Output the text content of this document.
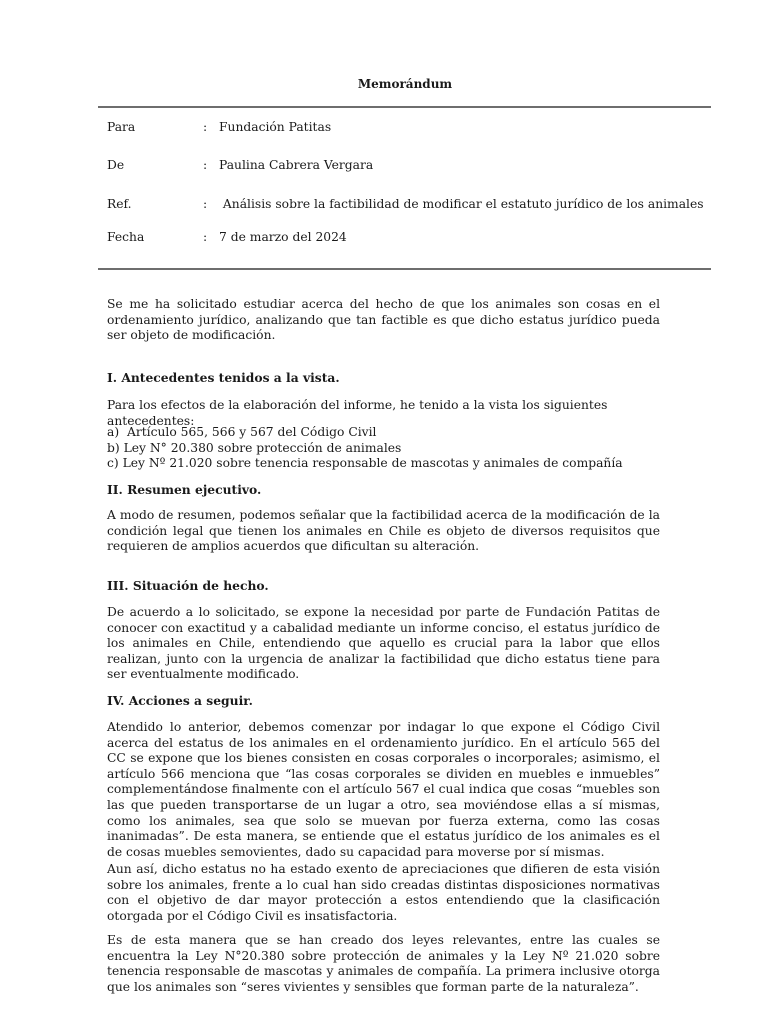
Memorándum
Para	: Fundación Patitas
De	: Paulina Cabrera Vergara
Ref.	: Análisis sobre la factibilidad de modificar el estatuto jurídico de los animales
Fecha	: 7 de marzo del 2024
Se me ha solicitado estudiar acerca del hecho de que los animales son cosas en el ordenamiento jurídico, analizando que tan factible es que dicho estatus jurídico pueda ser objeto de modificación.
I. Antecedentes tenidos a la vista.
Para los efectos de la elaboración del informe, he tenido a la vista los siguientes antecedentes:
a)  Artículo 565, 566 y 567 del Código Civil
b) Ley N° 20.380 sobre protección de animales
c) Ley Nº 21.020 sobre tenencia responsable de mascotas y animales de compañía
II. Resumen ejecutivo.
A modo de resumen, podemos señalar que la factibilidad acerca de la modificación de la condición legal que tienen los animales en Chile es objeto de diversos requisitos que requieren de amplios acuerdos que dificultan su alteración.
III. Situación de hecho.
De acuerdo a lo solicitado, se expone la necesidad por parte de Fundación Patitas de conocer con exactitud y a cabalidad mediante un informe conciso, el estatus jurídico de los animales en Chile, entendiendo que aquello es crucial para la labor que ellos realizan, junto con la urgencia de analizar la factibilidad que dicho estatus tiene para ser eventualmente modificado.
IV. Acciones a seguir.
Atendido lo anterior, debemos comenzar por indagar lo que expone el Código Civil acerca del estatus de los animales en el ordenamiento jurídico. En el artículo 565 del CC se expone que los bienes consisten en cosas corporales o incorporales; asimismo, el artículo 566 menciona que “las cosas corporales se dividen en muebles e inmuebles” complementándose finalmente con el artículo 567 el cual indica que cosas “muebles son las que pueden transportarse de un lugar a otro, sea moviéndose ellas a sí mismas, como los animales, sea que solo se muevan por fuerza externa, como las cosas inanimadas”. De esta manera, se entiende que el estatus jurídico de los animales es el de cosas muebles semovientes, dado su capacidad para moverse por sí mismas.
Aun así, dicho estatus no ha estado exento de apreciaciones que difieren de esta visión sobre los animales, frente a lo cual han sido creadas distintas disposiciones normativas con el objetivo de dar mayor protección a estos entendiendo que la clasificación otorgada por el Código Civil es insatisfactoria.
Es de esta manera que se han creado dos leyes relevantes, entre las cuales se encuentra la Ley N°20.380 sobre protección de animales y la Ley Nº 21.020 sobre tenencia responsable de mascotas y animales de compañía. La primera inclusive otorga que los animales son “seres vivientes y sensibles que forman parte de la naturaleza”.
